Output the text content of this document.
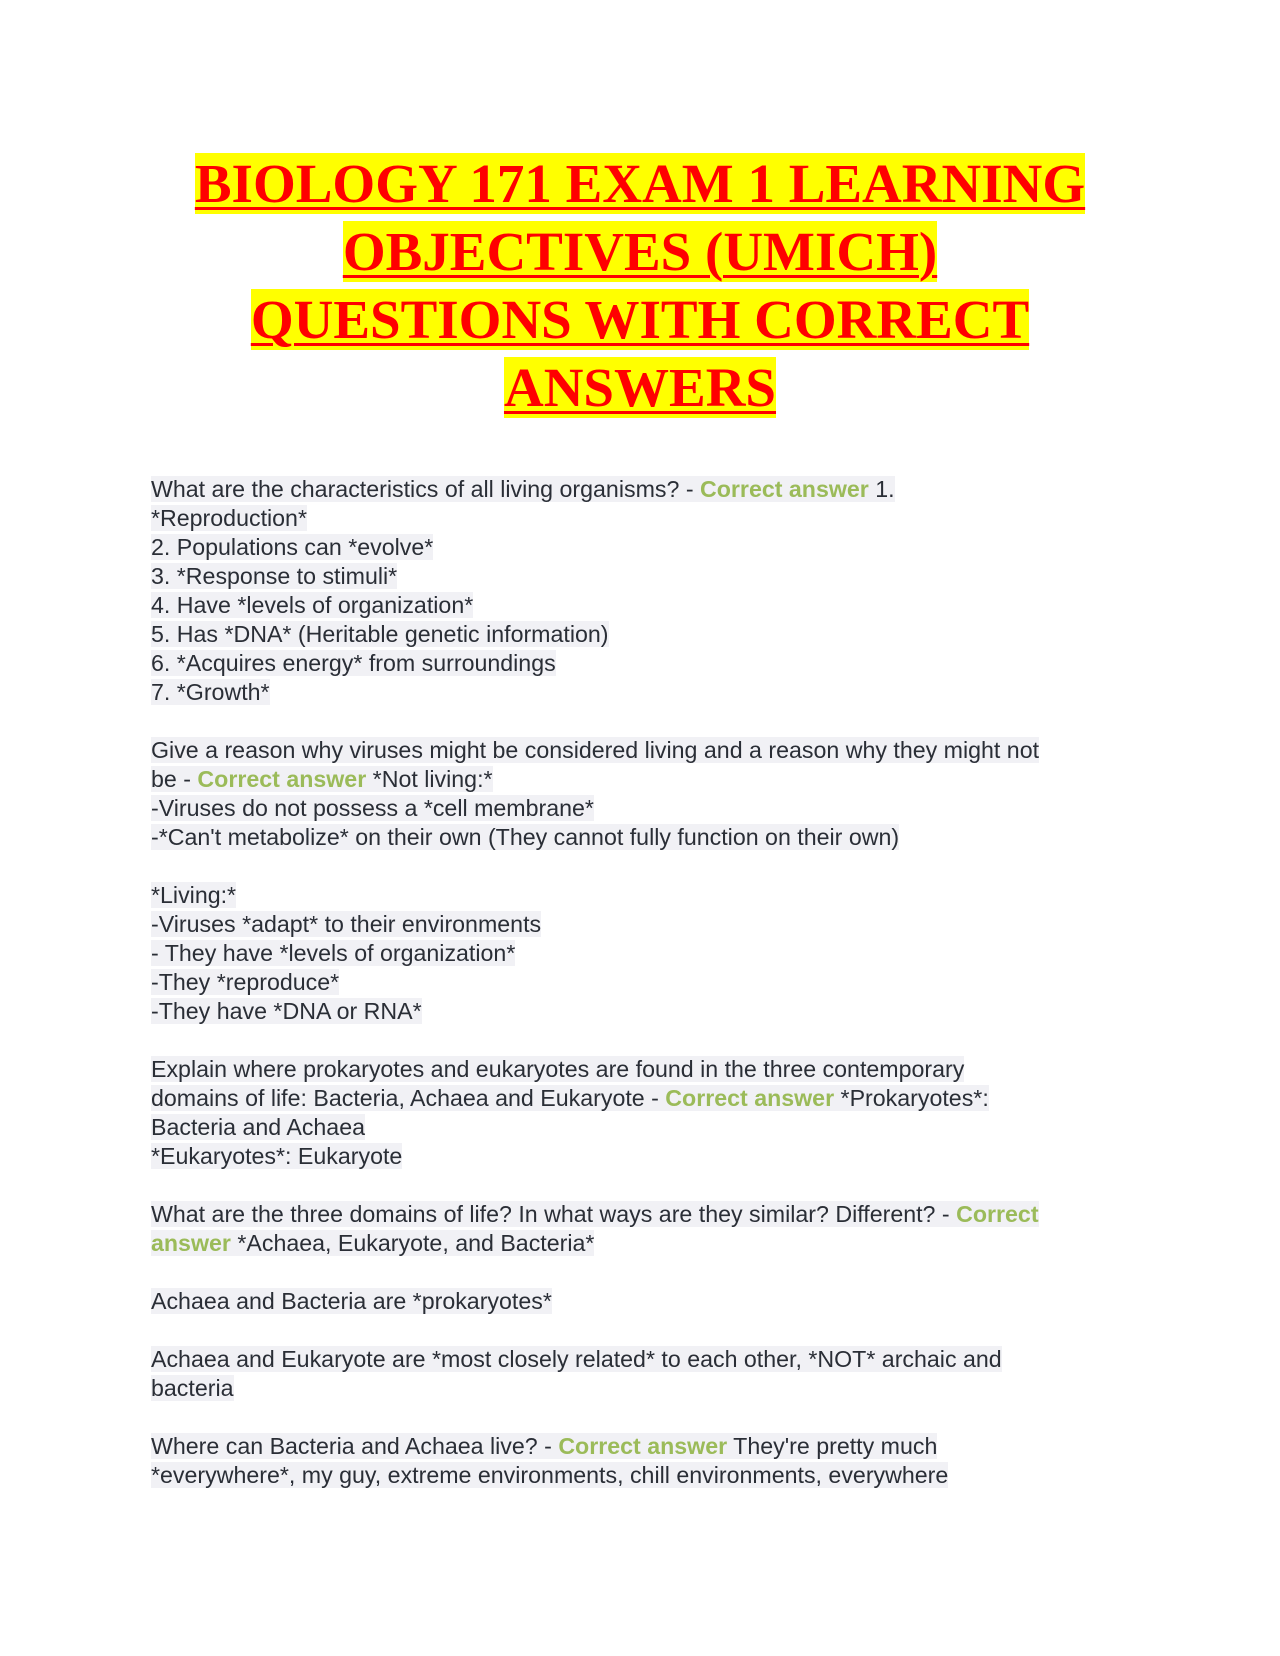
BIOLOGY 171 EXAM 1 LEARNING
OBJECTIVES (UMICH)
QUESTIONS WITH CORRECT
ANSWERS
What are the characteristics of all living organisms? - Correct answer 1.
*Reproduction*
2. Populations can *evolve*
3. *Response to stimuli*
4. Have *levels of organization*
5. Has *DNA* (Heritable genetic information)
6. *Acquires energy* from surroundings
7. *Growth*
Give a reason why viruses might be considered living and a reason why they might not
be - Correct answer *Not living:*
-Viruses do not possess a *cell membrane*
-*Can't metabolize* on their own (They cannot fully function on their own)
*Living:*
-Viruses *adapt* to their environments
- They have *levels of organization*
-They *reproduce*
-They have *DNA or RNA*
Explain where prokaryotes and eukaryotes are found in the three contemporary
domains of life: Bacteria, Achaea and Eukaryote - Correct answer *Prokaryotes*:
Bacteria and Achaea
*Eukaryotes*: Eukaryote
What are the three domains of life? In what ways are they similar? Different? - Correct
answer *Achaea, Eukaryote, and Bacteria*
Achaea and Bacteria are *prokaryotes*
Achaea and Eukaryote are *most closely related* to each other, *NOT* archaic and
bacteria
Where can Bacteria and Achaea live? - Correct answer They're pretty much
*everywhere*, my guy, extreme environments, chill environments, everywhere
